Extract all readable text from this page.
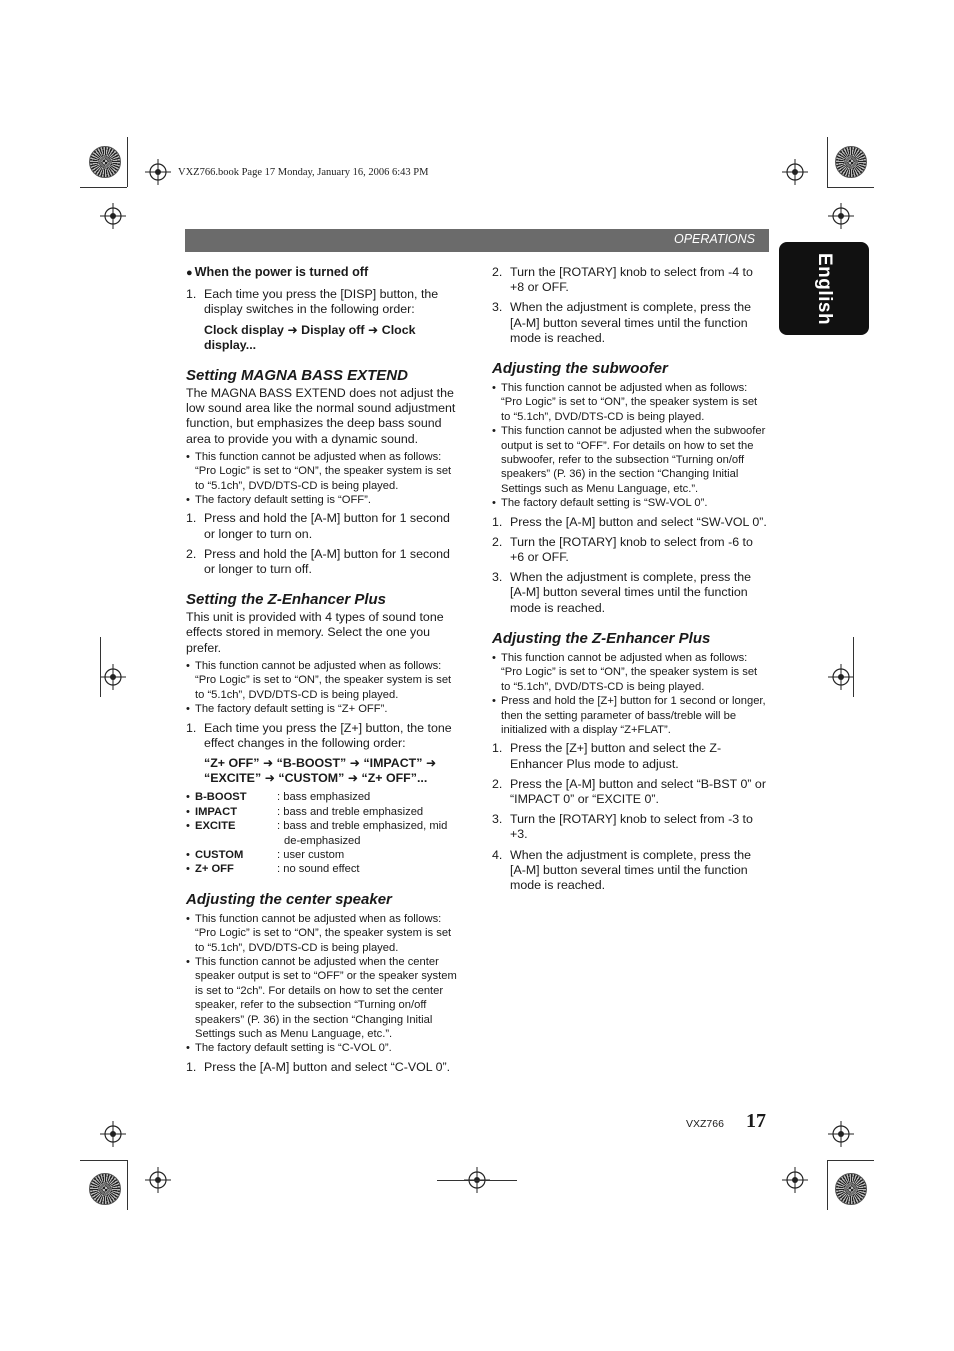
VXZ766.book Page 17 Monday, January 16, 2006 6:43 PM
OPERATIONS
English
● When the power is turned off
1. Each time you press the [DISP] button, the display switches in the following order:
Clock display ➜ Display off ➜ Clock display...
Setting MAGNA BASS EXTEND

The MAGNA BASS EXTEND does not adjust the low sound area like the normal sound adjustment function, but emphasizes the deep bass sound area to provide you with a dynamic sound.

• This function cannot be adjusted when as follows: “Pro Logic” is set to “ON”, the speaker system is set to “5.1ch”, DVD/DTS-CD is being played.
• The factory default setting is “OFF”.
1. Press and hold the [A-M] button for 1 second or longer to turn on.
2. Press and hold the [A-M] button for 1 second or longer to turn off.
Setting the Z-Enhancer Plus

This unit is provided with 4 types of sound tone effects stored in memory. Select the one you prefer.

• This function cannot be adjusted when as follows: “Pro Logic” is set to “ON”, the speaker system is set to “5.1ch”, DVD/DTS-CD is being played.
• The factory default setting is “Z+ OFF”.
1. Each time you press the [Z+] button, the tone effect changes in the following order:
“Z+ OFF” ➜ “B-BOOST” ➜ “IMPACT” ➜ “EXCITE” ➜ “CUSTOM” ➜ “Z+ OFF”...
• B-BOOST	: bass emphasized
• IMPACT	: bass and treble emphasized
• EXCITE	: bass and treble emphasized, mid de-emphasized
• CUSTOM	: user custom
• Z+ OFF	: no sound effect
Adjusting the center speaker
• This function cannot be adjusted when as follows: “Pro Logic” is set to “ON”, the speaker system is set to “5.1ch”, DVD/DTS-CD is being played.
• This function cannot be adjusted when the center speaker output is set to “OFF” or the speaker system is set to “2ch”. For details on how to set the center speaker, refer to the subsection “Turning on/off speakers” (P. 36) in the section “Changing Initial Settings such as Menu Language, etc.”.
• The factory default setting is “C-VOL 0”.
1. Press the [A-M] button and select “C-VOL 0”.
2. Turn the [ROTARY] knob to select from -4 to +8 or OFF.
3. When the adjustment is complete, press the [A-M] button several times until the function mode is reached.
Adjusting the subwoofer
• This function cannot be adjusted when as follows: “Pro Logic” is set to “ON”, the speaker system is set to “5.1ch”, DVD/DTS-CD is being played.
• This function cannot be adjusted when the subwoofer output is set to “OFF”. For details on how to set the subwoofer, refer to the subsection “Turning on/off speakers” (P. 36) in the section “Changing Initial Settings such as Menu Language, etc.”.
• The factory default setting is “SW-VOL 0”.
1. Press the [A-M] button and select “SW-VOL 0”.
2. Turn the [ROTARY] knob to select from -6 to +6 or OFF.
3. When the adjustment is complete, press the [A-M] button several times until the function mode is reached.
Adjusting the Z-Enhancer Plus
• This function cannot be adjusted when as follows: “Pro Logic” is set to “ON”, the speaker system is set to “5.1ch”, DVD/DTS-CD is being played.
• Press and hold the [Z+] button for 1 second or longer, then the setting parameter of bass/treble will be initialized with a display “Z+FLAT”.
1. Press the [Z+] button and select the Z-Enhancer Plus mode to adjust.
2. Press the [A-M] button and select “B-BST 0” or “IMPACT 0” or “EXCITE 0”.
3. Turn the [ROTARY] knob to select from -3 to +3.
4. When the adjustment is complete, press the [A-M] button several times until the function mode is reached.
VXZ766 17
